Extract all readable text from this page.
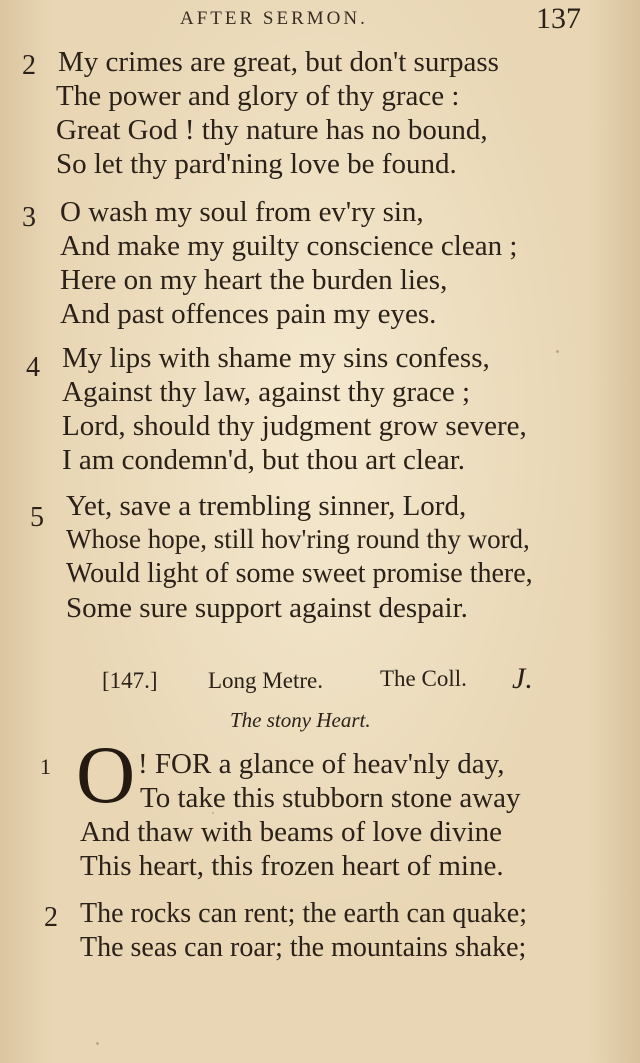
AFTER SERMON.	137
2 My crimes are great, but don't surpass
The power and glory of thy grace :
Great God ! thy nature has no bound,
So let thy pard'ning love be found.
3 O wash my soul from ev'ry sin,
And make my guilty conscience clean ;
Here on my heart the burden lies,
And past offences pain my eyes.
4 My lips with shame my sins confess,
Against thy law, against thy grace ;
Lord, should thy judgment grow severe,
I am condemn'd, but thou art clear.
5 Yet, save a trembling sinner, Lord,
Whose hope, still hov'ring round thy word,
Would light of some sweet promise there,
Some sure support against despair.
[147.] Long Metre. The Coll. J.
The stony Heart.
1	! FOR a glance of heav'nly day,
To take this stubborn stone away
And thaw with beams of love divine
This heart, this frozen heart of mine.
O
2 The rocks can rent; the earth can quake;
The seas can roar; the mountains shake;
